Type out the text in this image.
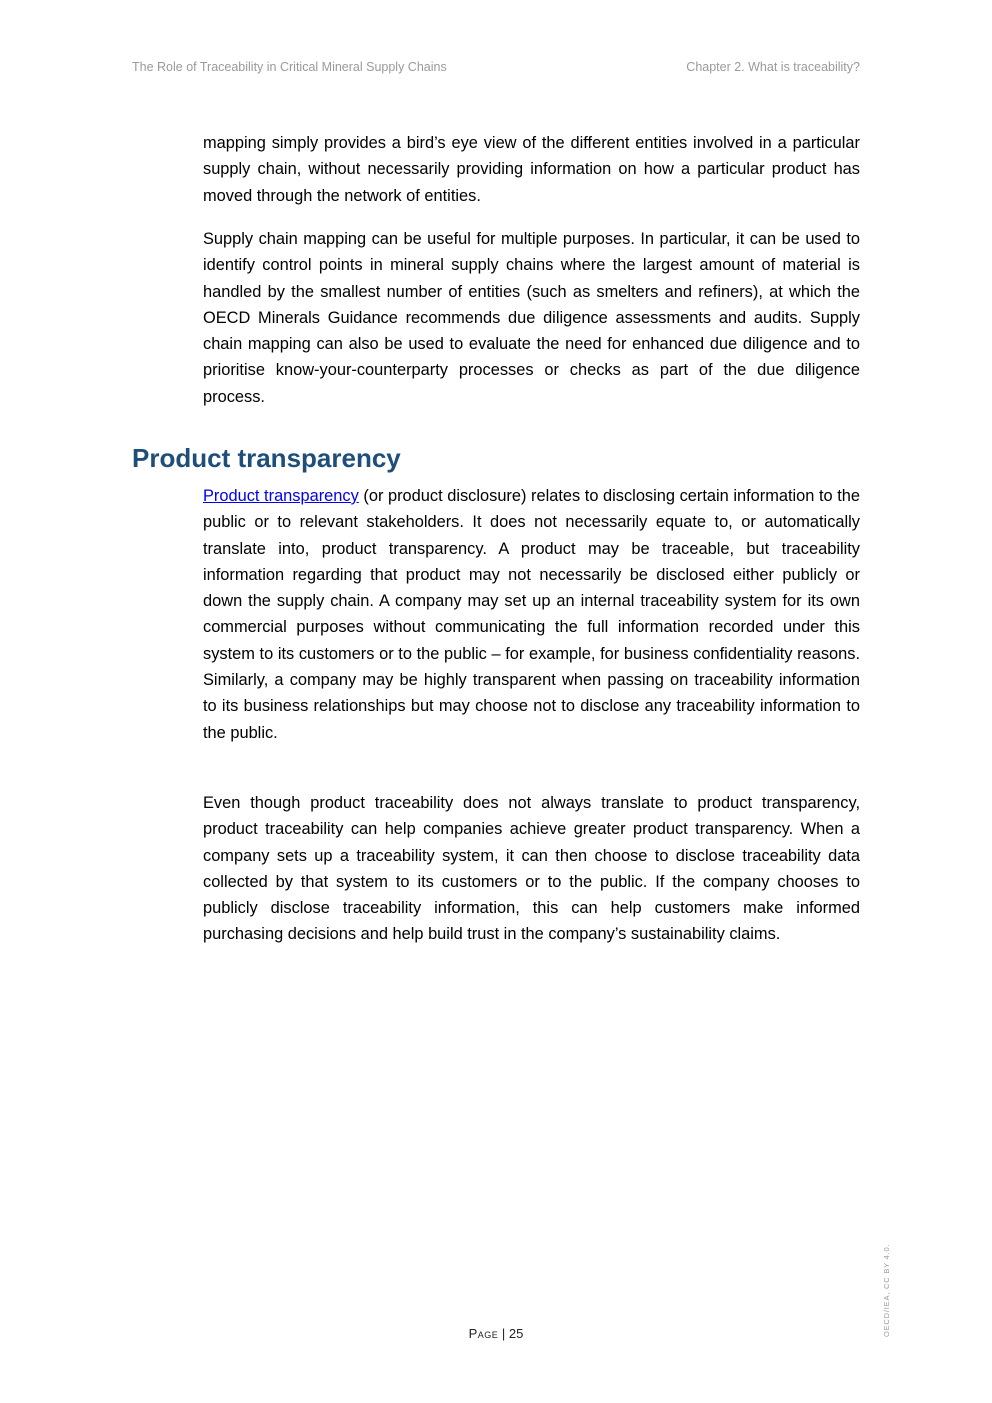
The Role of Traceability in Critical Mineral Supply Chains	Chapter 2. What is traceability?

mapping simply provides a bird’s eye view of the different entities involved in a particular supply chain, without necessarily providing information on how a particular product has moved through the network of entities.

Supply chain mapping can be useful for multiple purposes. In particular, it can be used to identify control points in mineral supply chains where the largest amount of material is handled by the smallest number of entities (such as smelters and refiners), at which the OECD Minerals Guidance recommends due diligence assessments and audits. Supply chain mapping can also be used to evaluate the need for enhanced due diligence and to prioritise know-your-counterparty processes or checks as part of the due diligence process.

Product transparency

Product transparency (or product disclosure) relates to disclosing certain information to the public or to relevant stakeholders. It does not necessarily equate to, or automatically translate into, product transparency. A product may be traceable, but traceability information regarding that product may not necessarily be disclosed either publicly or down the supply chain. A company may set up an internal traceability system for its own commercial purposes without communicating the full information recorded under this system to its customers or to the public – for example, for business confidentiality reasons. Similarly, a company may be highly transparent when passing on traceability information to its business relationships but may choose not to disclose any traceability information to the public.

Even though product traceability does not always translate to product transparency, product traceability can help companies achieve greater product transparency. When a company sets up a traceability system, it can then choose to disclose traceability data collected by that system to its customers or to the public. If the company chooses to publicly disclose traceability information, this can help customers make informed purchasing decisions and help build trust in the company’s sustainability claims.

Page | 25	OECD/IEA, CC BY 4.0.
